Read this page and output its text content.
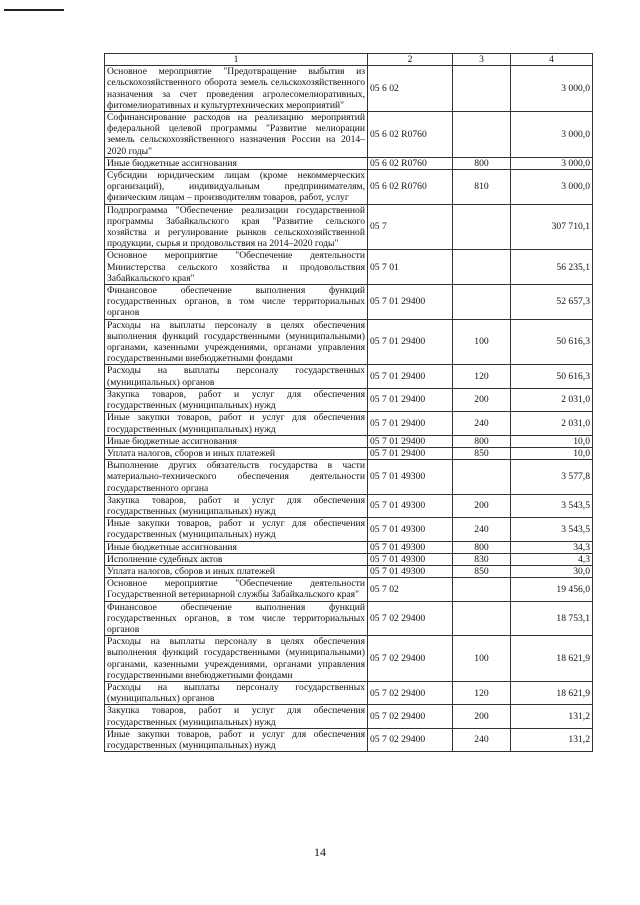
1	2	3	4
Основное мероприятие "Предотвращение выбытия из сельскохозяйственного оборота земель сельскохозяйственного назначения за счет проведения агролесомелиоративных, фитомелиоративных и культуртехнических мероприятий"	05 6 02		3 000,0
Софинансирование расходов на реализацию мероприятий федеральной целевой программы "Развитие мелиорации земель сельскохозяйственного назначения России на 2014–2020 годы"	05 6 02 R0760		3 000,0
Иные бюджетные ассигнования	05 6 02 R0760	800	3 000,0
Субсидии юридическим лицам (кроме некоммерческих организаций), индивидуальным предпринимателям, физическим лицам – производителям товаров, работ, услуг	05 6 02 R0760	810	3 000,0
Подпрограмма "Обеспечение реализации государственной программы Забайкальского края "Развитие сельского хозяйства и регулирование рынков сельскохозяйственной продукции, сырья и продовольствия на 2014–2020 годы"	05 7		307 710,1
Основное мероприятие "Обеспечение деятельности Министерства сельского хозяйства и продовольствия Забайкальского края"	05 7 01		56 235,1
Финансовое обеспечение выполнения функций государственных органов, в том числе территориальных органов	05 7 01 29400		52 657,3
Расходы на выплаты персоналу в целях обеспечения выполнения функций государственными (муниципальными) органами, казенными учреждениями, органами управления государственными внебюджетными фондами	05 7 01 29400	100	50 616,3
Расходы на выплаты персоналу государственных (муниципальных) органов	05 7 01 29400	120	50 616,3
Закупка товаров, работ и услуг для обеспечения государственных (муниципальных) нужд	05 7 01 29400	200	2 031,0
Иные закупки товаров, работ и услуг для обеспечения государственных (муниципальных) нужд	05 7 01 29400	240	2 031,0
Иные бюджетные ассигнования	05 7 01 29400	800	10,0
Уплата налогов, сборов и иных платежей	05 7 01 29400	850	10,0
Выполнение других обязательств государства в части материально-технического обеспечения деятельности государственного органа	05 7 01 49300		3 577,8
Закупка товаров, работ и услуг для обеспечения государственных (муниципальных) нужд	05 7 01 49300	200	3 543,5
Иные закупки товаров, работ и услуг для обеспечения государственных (муниципальных) нужд	05 7 01 49300	240	3 543,5
Иные бюджетные ассигнования	05 7 01 49300	800	34,3
Исполнение судебных актов	05 7 01 49300	830	4,3
Уплата налогов, сборов и иных платежей	05 7 01 49300	850	30,0
Основное мероприятие "Обеспечение деятельности Государственной ветеринарной службы Забайкальского края"	05 7 02		19 456,0
Финансовое обеспечение выполнения функций государственных органов, в том числе территориальных органов	05 7 02 29400		18 753,1
Расходы на выплаты персоналу в целях обеспечения выполнения функций государственными (муниципальными) органами, казенными учреждениями, органами управления государственными внебюджетными фондами	05 7 02 29400	100	18 621,9
Расходы на выплаты персоналу государственных (муниципальных) органов	05 7 02 29400	120	18 621,9
Закупка товаров, работ и услуг для обеспечения государственных (муниципальных) нужд	05 7 02 29400	200	131,2
Иные закупки товаров, работ и услуг для обеспечения государственных (муниципальных) нужд	05 7 02 29400	240	131,2
14
